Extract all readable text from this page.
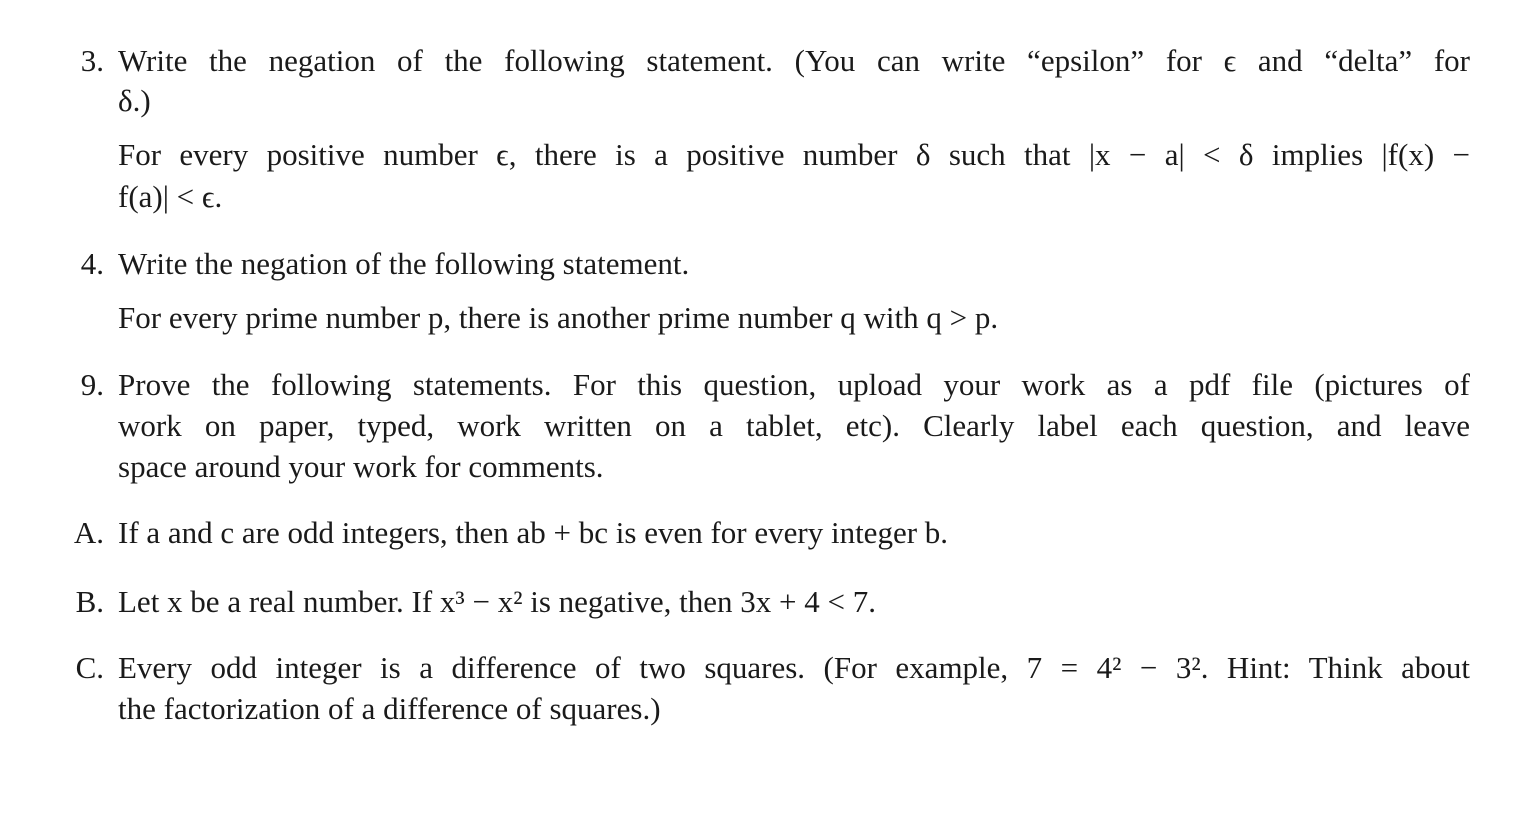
3. Write the negation of the following statement. (You can write “epsilon” for ϵ and “delta” for
δ.)
For every positive number ϵ, there is a positive number δ such that |x − a| < δ implies |f(x) −
f(a)| < ϵ.
4. Write the negation of the following statement.
For every prime number p, there is another prime number q with q > p.
9. Prove the following statements. For this question, upload your work as a pdf file (pictures of
work on paper, typed, work written on a tablet, etc). Clearly label each question, and leave
space around your work for comments.
A. If a and c are odd integers, then ab + bc is even for every integer b.
B. Let x be a real number. If x³ − x² is negative, then 3x + 4 < 7.
C. Every odd integer is a difference of two squares. (For example, 7 = 4² − 3². Hint: Think about
the factorization of a difference of squares.)
